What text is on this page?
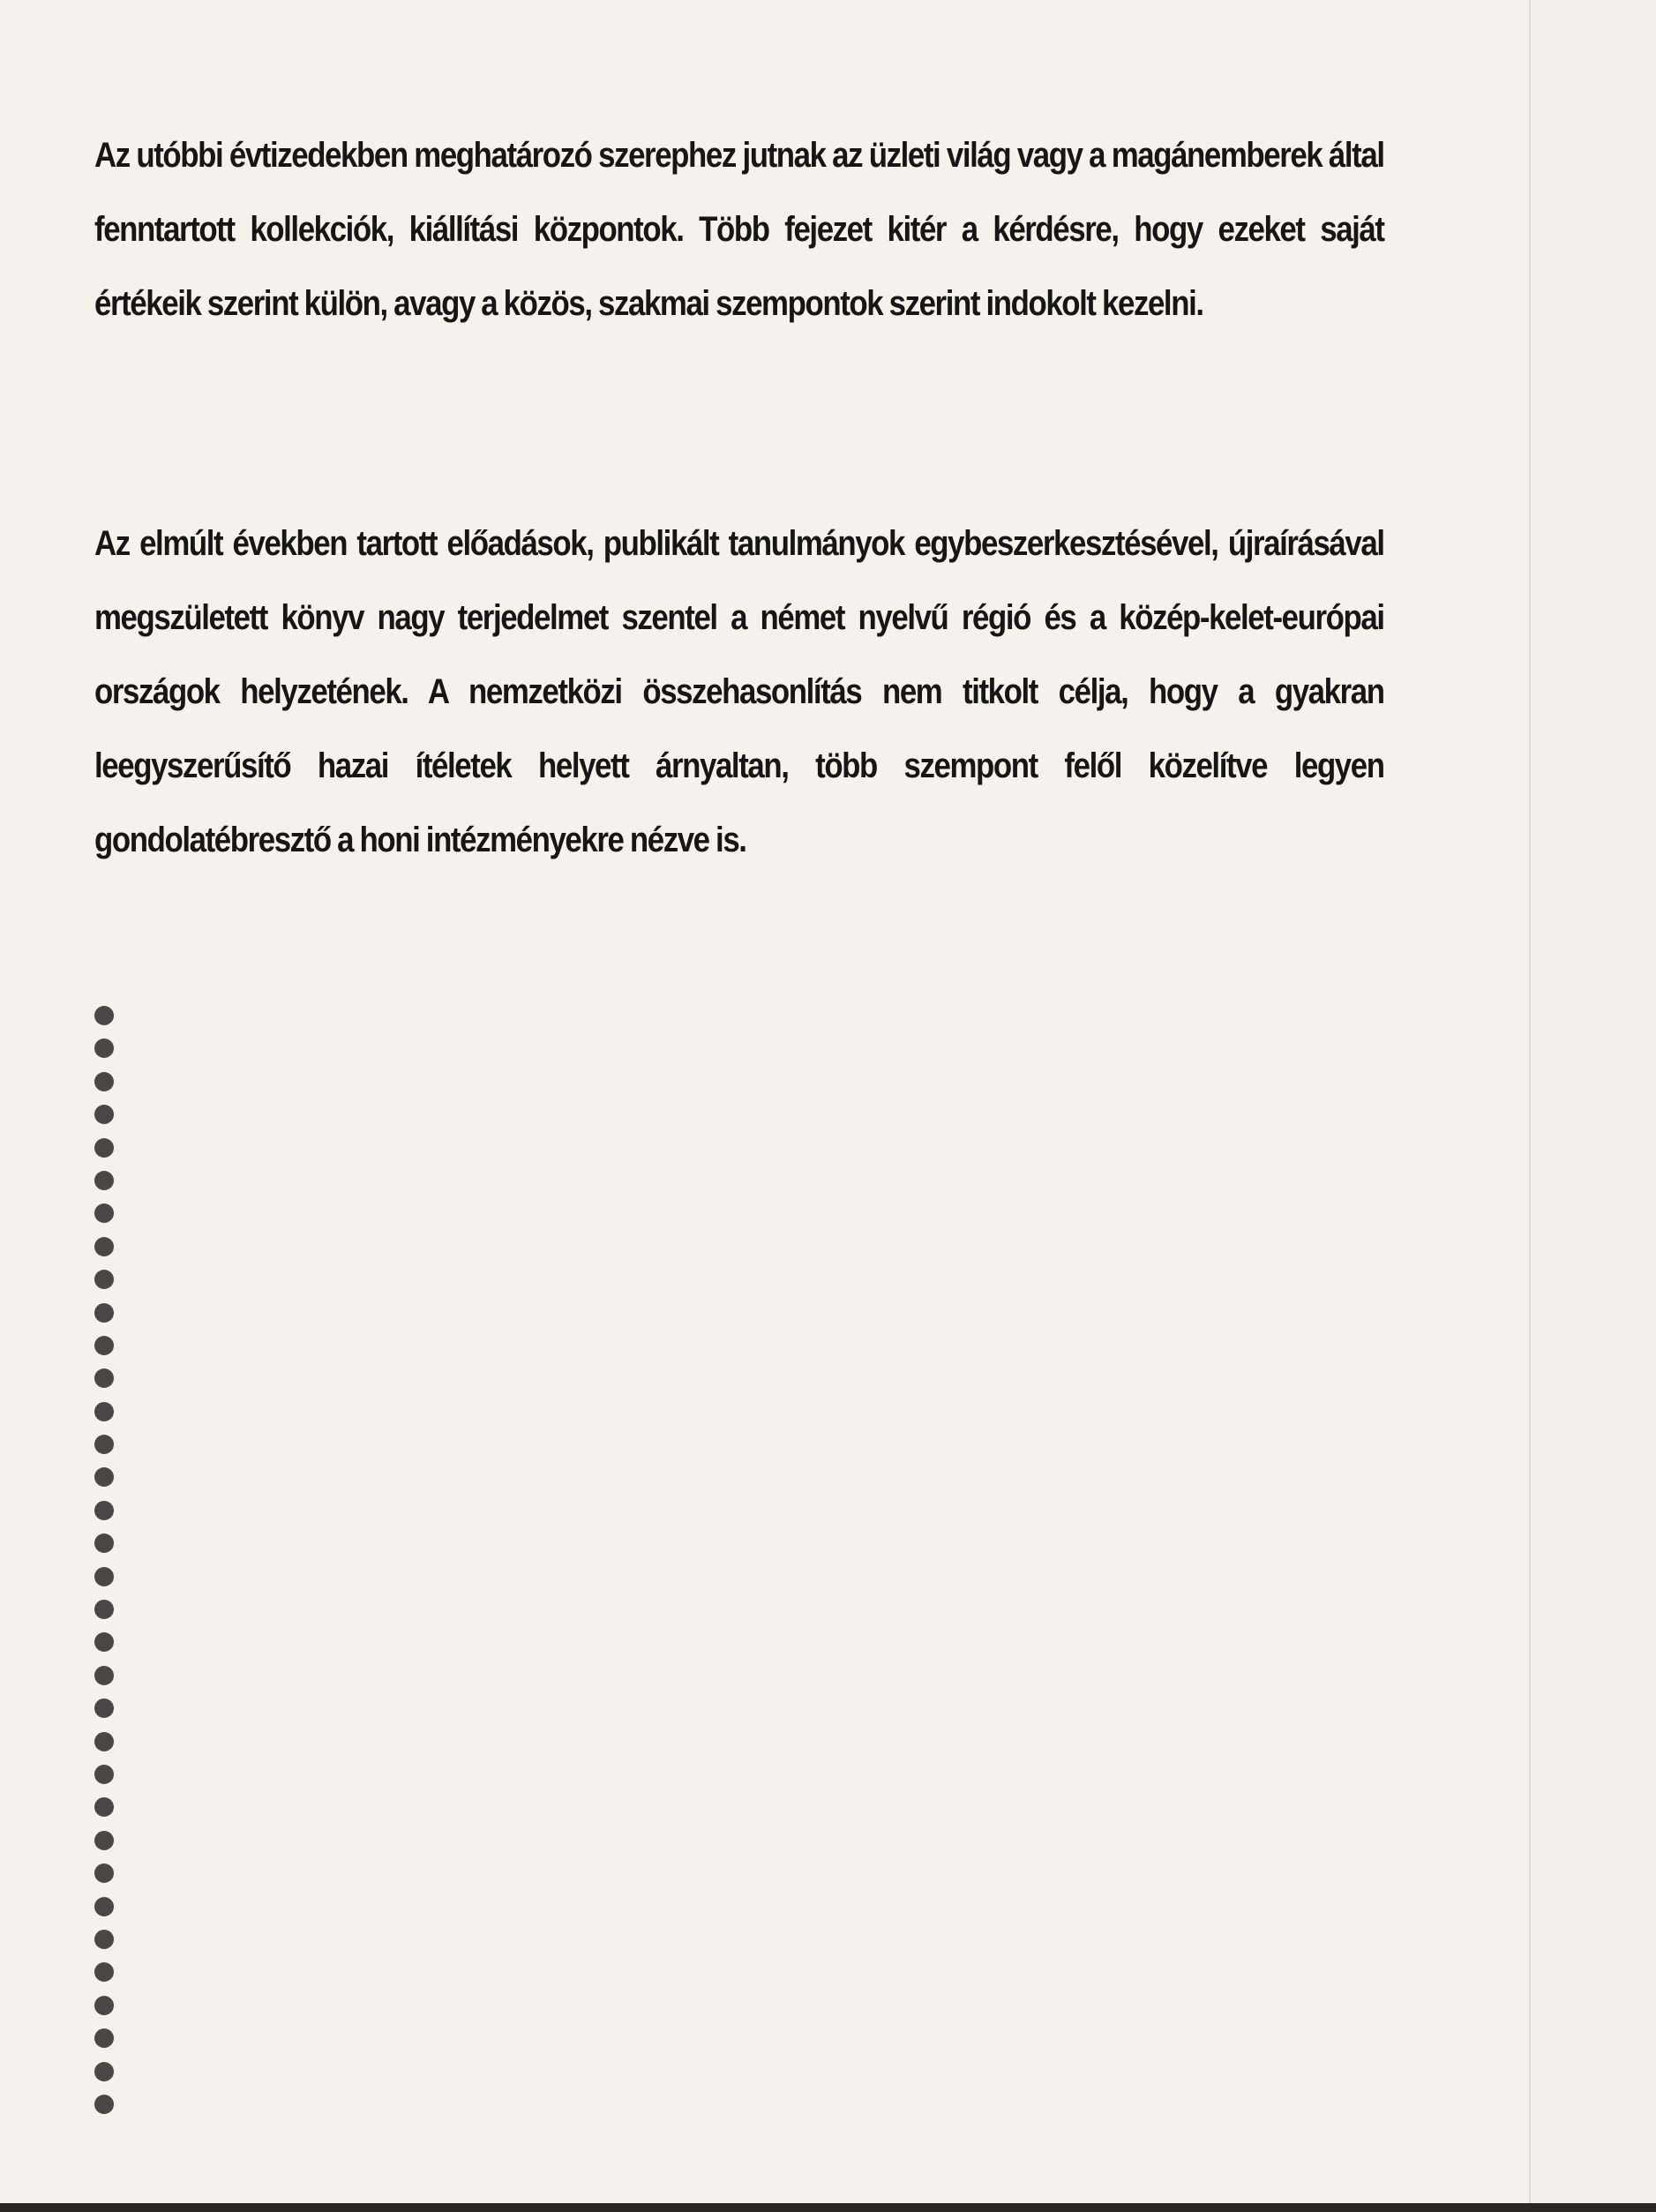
Az utóbbi évtizedekben meghatározó szerephez jutnak az üzleti világ vagy a magánemberek által fenntartott kollekciók, kiállítási központok. Több fejezet kitér a kérdésre, hogy ezeket saját értékeik szerint külön, avagy a közös, szakmai szempontok szerint indokolt kezelni.

Az elmúlt években tartott előadások, publikált tanulmányok egybeszerkesztésével, újraírásával megszületett könyv nagy terjedelmet szentel a német nyelvű régió és a közép-kelet-európai országok helyzetének. A nemzetközi összehasonlítás nem titkolt célja, hogy a gyakran leegyszerűsítő hazai ítéletek helyett árnyaltan, több szempont felől közelítve legyen gondolatébresztő a honi intézményekre nézve is.
